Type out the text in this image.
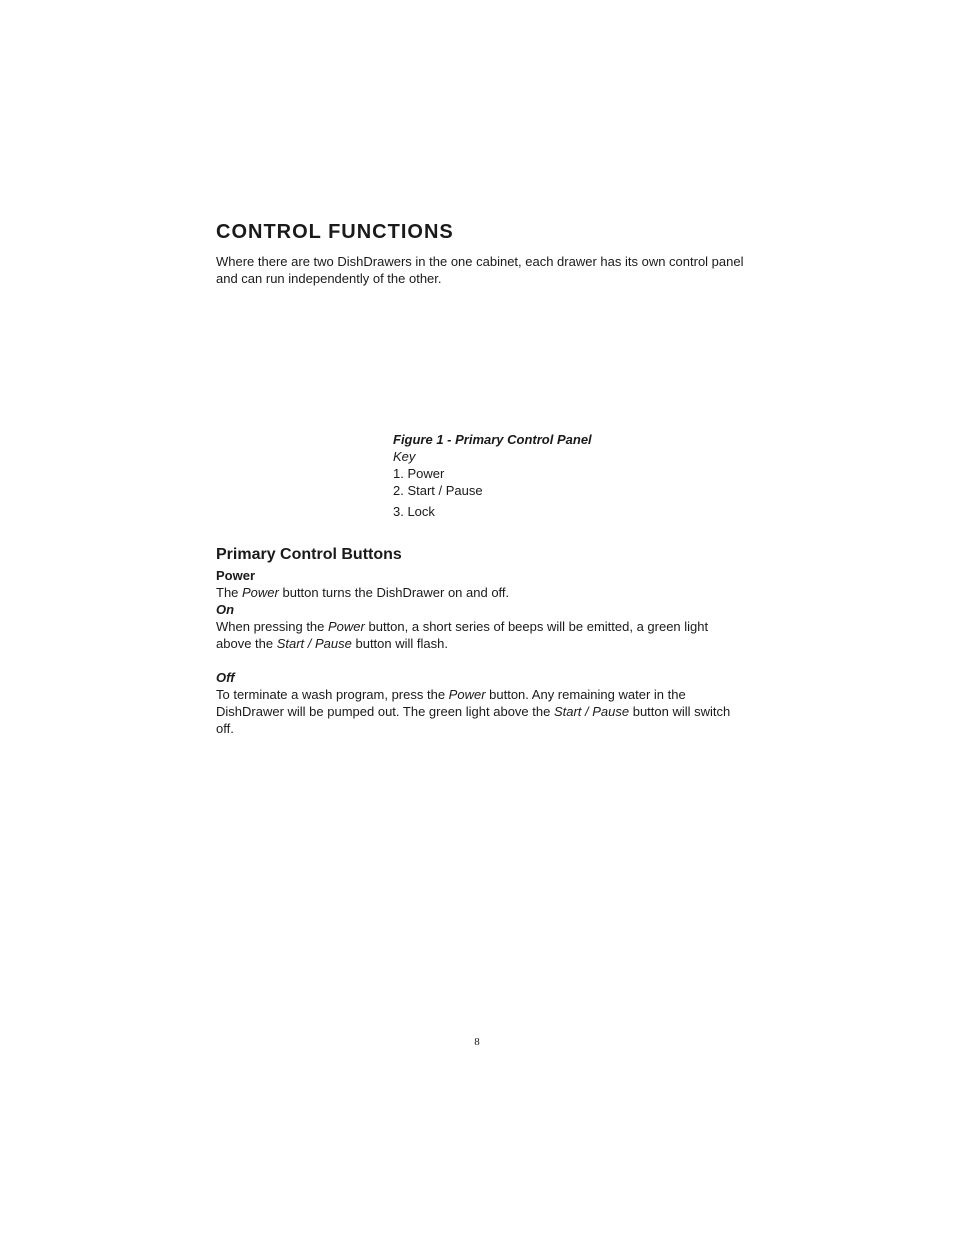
CONTROL FUNCTIONS

Where there are two DishDrawers in the one cabinet, each drawer has its own control panel and can run independently of the other.

Figure 1 - Primary Control Panel
Key
1. Power
2. Start / Pause
3. Lock
Primary Control Buttons
Power

The Power button turns the DishDrawer on and off.

On

When pressing the Power button, a short series of beeps will be emitted, a green light above the Start / Pause button will flash.

Off

To terminate a wash program, press the Power button. Any remaining water in the DishDrawer will be pumped out. The green light above the Start / Pause button will switch off.

8
